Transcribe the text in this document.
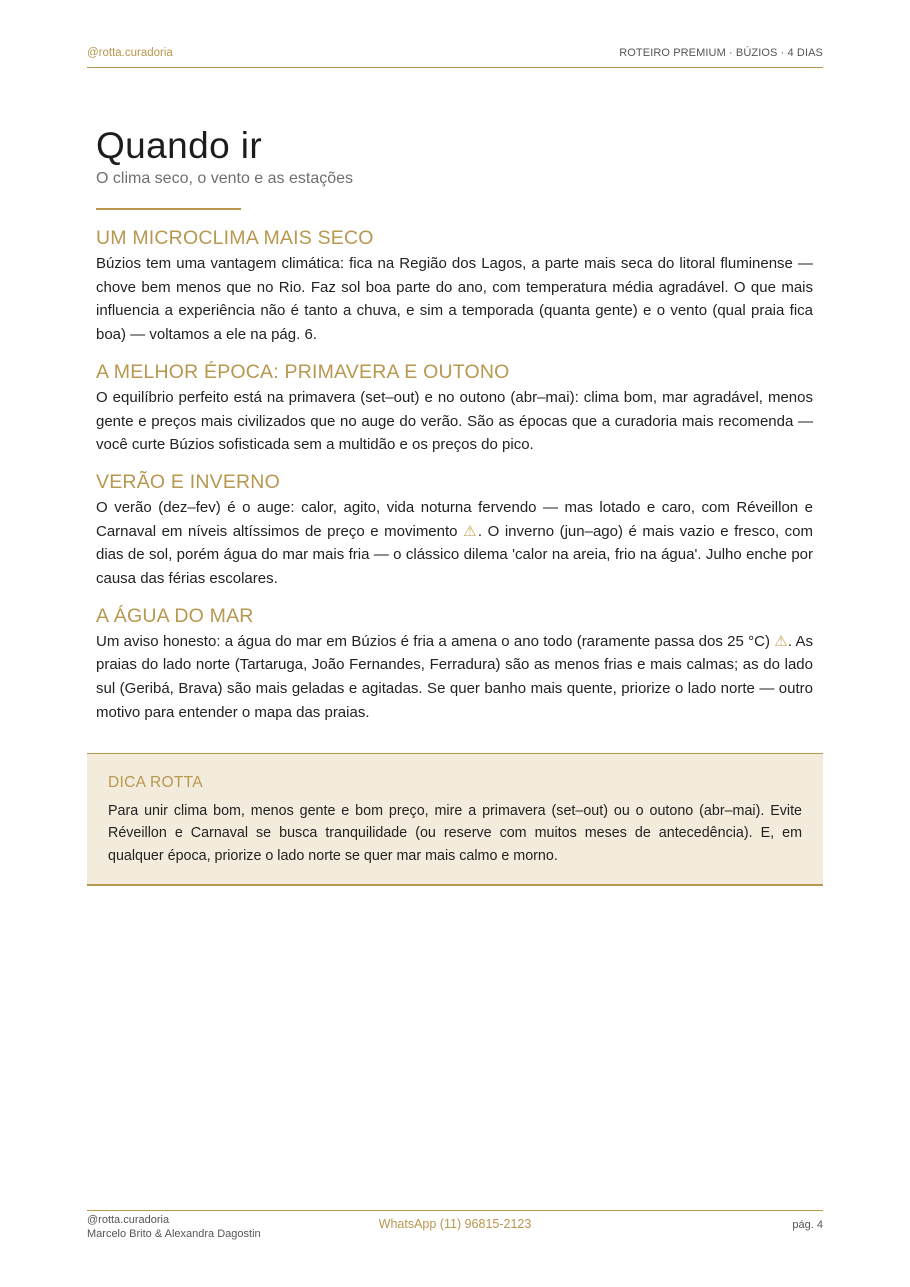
@rotta.curadoria	ROTEIRO PREMIUM · BÚZIOS · 4 DIAS
Quando ir
O clima seco, o vento e as estações
UM MICROCLIMA MAIS SECO

Búzios tem uma vantagem climática: fica na Região dos Lagos, a parte mais seca do litoral fluminense — chove bem menos que no Rio. Faz sol boa parte do ano, com temperatura média agradável. O que mais influencia a experiência não é tanto a chuva, e sim a temporada (quanta gente) e o vento (qual praia fica boa) — voltamos a ele na pág. 6.

A MELHOR ÉPOCA: PRIMAVERA E OUTONO

O equilíbrio perfeito está na primavera (set–out) e no outono (abr–mai): clima bom, mar agradável, menos gente e preços mais civilizados que no auge do verão. São as épocas que a curadoria mais recomenda — você curte Búzios sofisticada sem a multidão e os preços do pico.

VERÃO E INVERNO

O verão (dez–fev) é o auge: calor, agito, vida noturna fervendo — mas lotado e caro, com Réveillon e Carnaval em níveis altíssimos de preço e movimento ⚠. O inverno (jun–ago) é mais vazio e fresco, com dias de sol, porém água do mar mais fria — o clássico dilema 'calor na areia, frio na água'. Julho enche por causa das férias escolares.

A ÁGUA DO MAR

Um aviso honesto: a água do mar em Búzios é fria a amena o ano todo (raramente passa dos 25 °C) ⚠. As praias do lado norte (Tartaruga, João Fernandes, Ferradura) são as menos frias e mais calmas; as do lado sul (Geribá, Brava) são mais geladas e agitadas. Se quer banho mais quente, priorize o lado norte — outro motivo para entender o mapa das praias.

DICA ROTTA

Para unir clima bom, menos gente e bom preço, mire a primavera (set–out) ou o outono (abr–mai). Evite Réveillon e Carnaval se busca tranquilidade (ou reserve com muitos meses de antecedência). E, em qualquer época, priorize o lado norte se quer mar mais calmo e morno.

@rotta.curadoria
Marcelo Brito & Alexandra Dagostin
WhatsApp (11) 96815-2123	pág. 4
